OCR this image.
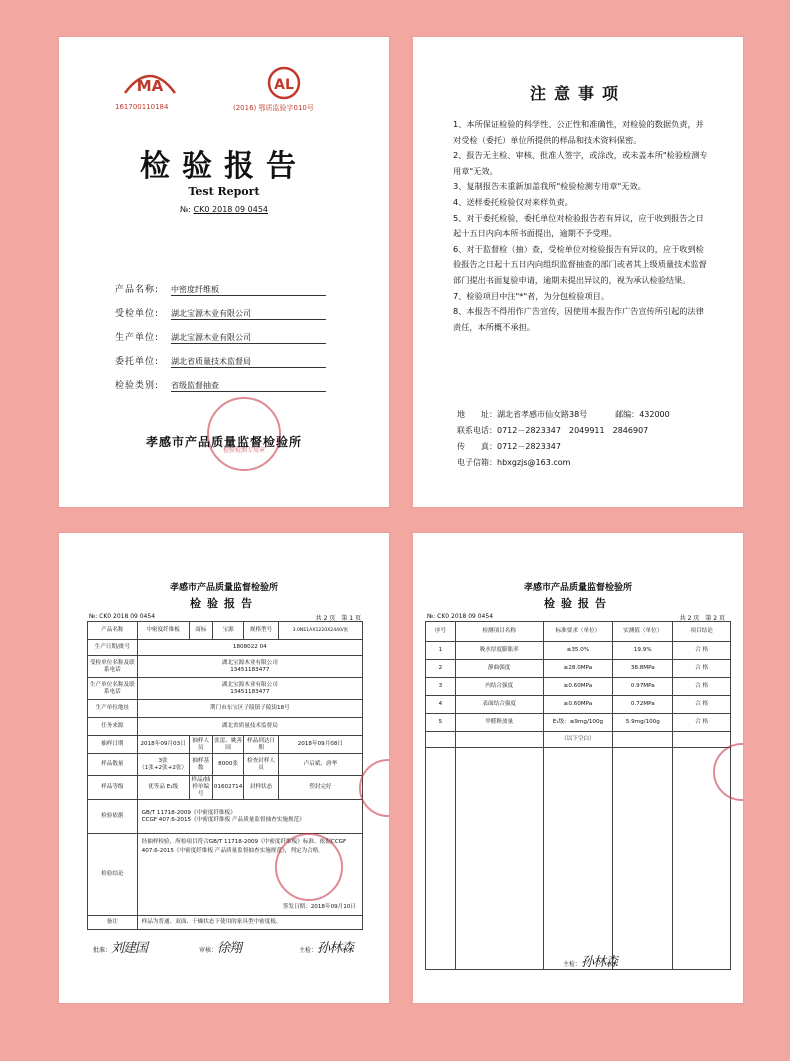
MA
161700110184
AL
(2016) 鄂质监验字010号
检验报告
Test Report
№: CK0 2018 09 0454
产品名称: 中密度纤维板
受检单位: 湖北宝源木业有限公司
生产单位: 湖北宝源木业有限公司
委托单位: 湖北省质量技术监督局
检验类别: 省级监督抽查
检验检测专用章
孝感市产品质量监督检验所
注意事项

1、本所保证检验的科学性、公正性和准确性，对检验的数据负责，并对受检（委托）单位所提供的样品和技术资料保密。

2、报告无主检、审核、批准人签字，或涂改，或未盖本所"检验检测专用章"无效。

3、复制报告未重新加盖我所"检验检测专用章"无效。

4、送样委托检验仅对来样负责。

5、对于委托检验，委托单位对检验报告若有异议，应于收到报告之日起十五日内向本所书面提出，逾期不予受理。

6、对于监督检（抽）查，受检单位对检验报告有异议的，应于收到检验报告之日起十五日内向组织监督抽查的部门或者其上级质量技术监督部门提出书面复验申请，逾期未提出异议的，视为承认检验结果。

7、检验项目中注"*"者，为分包检验项目。

8、本报告不得用作广告宣传，因使用本报告作广告宣传所引起的法律责任，本所概不承担。

地　　址：湖北省孝感市仙女路38号	邮编：432000
联系电话：0712－2823347　2049911　2846907
传　　真：0712－2823347
电子信箱：hbxgzjs@163.com
孝感市产品质量监督检验所
检验报告
№: CK0 2018 09 0454	共 2 页　第 1 页
产品名称	中密度纤维板	商标	宝源	规格型号	3.0NE1AX1220X2440/张
生产日期/批号	1808022 04				
受检单位名称及联系电话	湖北宝源木业有限公司
13451183477				

生产单位名称及联系电话	湖北宝源木业有限公司
13451183477				

生产单位地址	荆门市东宝区子陵镇子陵街18号				
任务来源	湖北省质量技术监督局				
抽样日期	2018年09月03日	抽样人员	张雷、姚善国	样品到达日期	2018年09月08日
样品数量	3张
（1张+2张+2张）	抽样基数	8000张	检查封样人员	卢启斌、唐华
样品等级	优等品 E₁级	样品/抽样单编号	01602714	封样状态	塑封完好
检验依据	GB/T 11718-2009《中密度纤维板》
CCGF 407.6-2015《中密度纤维板 产品质量监督抽查实施规范》				

检验结论	经抽样检验，所检项目符合GB/T 11718-2009《中密度纤维板》标准、依据CCGF 407.6-2015《中密度纤维板 产品质量监督抽查实施规范》，判定为合格。
签发日期：2018年09月10日				

备注	样品为普通、双面、干燥状态下使用的家具型中密度板。				
批准：刘建国	审核：徐翔	主检：孙林森
孝感市产品质量监督检验所
检验报告
№: CK0 2018 09 0454	共 2 页　第 2 页
序号	检测项目名称	标准要求（单位）	实测值（单位）	项目结论
1	吸水厚度膨胀率	≤35.0%	19.9%	合 格
2	静曲强度	≥28.0MPa	38.8MPa	合 格
3	内结合强度	≥0.60MPa	0.97MPa	合 格
4	表面结合强度	≥0.60MPa	0.72MPa	合 格
5	甲醛释放量	E₁级：≤9mg/100g	5.9mg/100g	合 格
		（以下空白）		

主检：孙林森
